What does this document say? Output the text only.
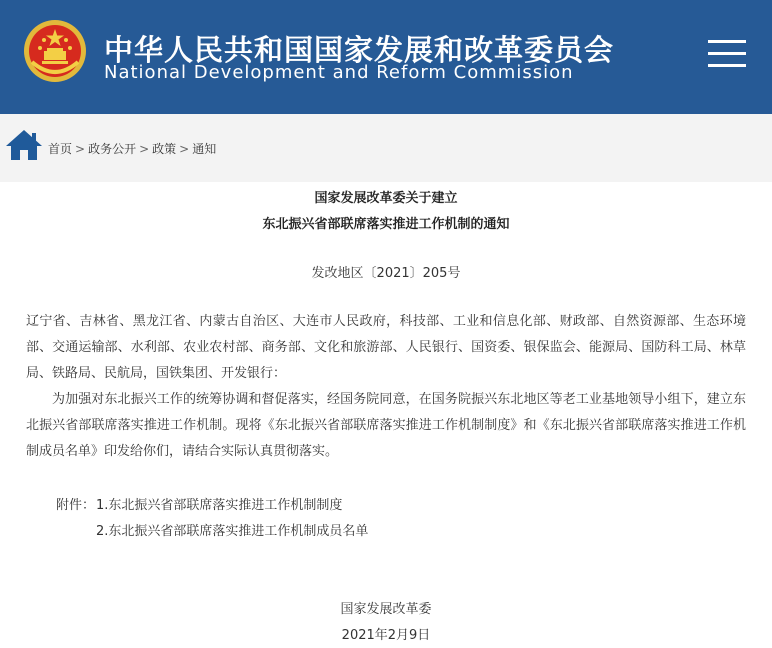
中华人民共和国国家发展和改革委员会
National Development and Reform Commission
首页 > 政务公开 > 政策 > 通知
国家发展改革委关于建立
东北振兴省部联席落实推进工作机制的通知
发改地区〔2021〕205号
辽宁省、吉林省、黑龙江省、内蒙古自治区、大连市人民政府，科技部、工业和信息化部、财政部、自然资源部、生态环境部、交通运输部、水利部、农业农村部、商务部、文化和旅游部、人民银行、国资委、银保监会、能源局、国防科工局、林草局、铁路局、民航局，国铁集团、开发银行：
为加强对东北振兴工作的统筹协调和督促落实，经国务院同意，在国务院振兴东北地区等老工业基地领导小组下，建立东北振兴省部联席落实推进工作机制。现将《东北振兴省部联席落实推进工作机制制度》和《东北振兴省部联席落实推进工作机制成员名单》印发给你们，请结合实际认真贯彻落实。
附件： 1.东北振兴省部联席落实推进工作机制制度
2.东北振兴省部联席落实推进工作机制成员名单
国家发展改革委
2021年2月9日
